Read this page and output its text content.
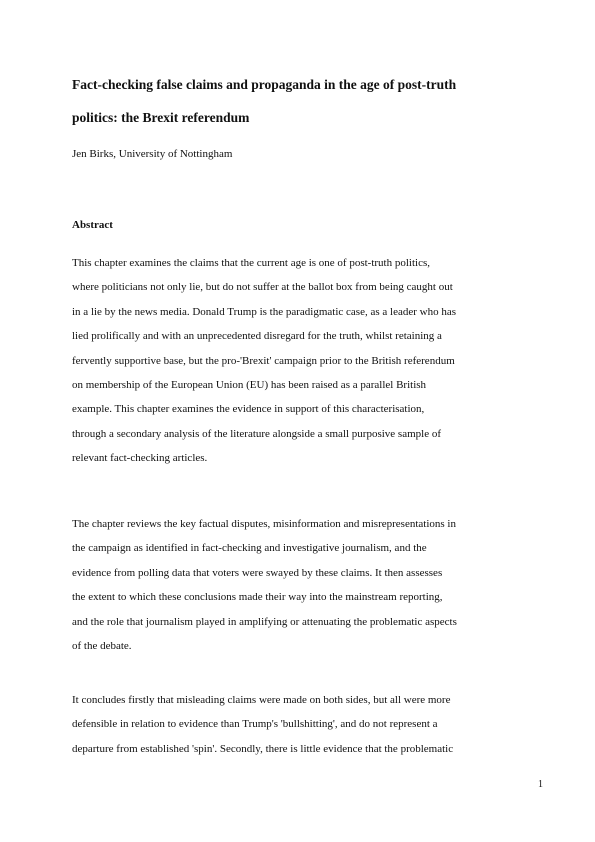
Fact-checking false claims and propaganda in the age of post-truth
politics: the Brexit referendum

Jen Birks, University of Nottingham

Abstract

This chapter examines the claims that the current age is one of post-truth politics,
where politicians not only lie, but do not suffer at the ballot box from being caught out
in a lie by the news media. Donald Trump is the paradigmatic case, as a leader who has
lied prolifically and with an unprecedented disregard for the truth, whilst retaining a
fervently supportive base, but the pro-'Brexit' campaign prior to the British referendum
on membership of the European Union (EU) has been raised as a parallel British
example. This chapter examines the evidence in support of this characterisation,
through a secondary analysis of the literature alongside a small purposive sample of
relevant fact-checking articles.

The chapter reviews the key factual disputes, misinformation and misrepresentations in
the campaign as identified in fact-checking and investigative journalism, and the
evidence from polling data that voters were swayed by these claims. It then assesses
the extent to which these conclusions made their way into the mainstream reporting,
and the role that journalism played in amplifying or attenuating the problematic aspects
of the debate.

It concludes firstly that misleading claims were made on both sides, but all were more
defensible in relation to evidence than Trump's 'bullshitting', and do not represent a
departure from established 'spin'. Secondly, there is little evidence that the problematic

1
